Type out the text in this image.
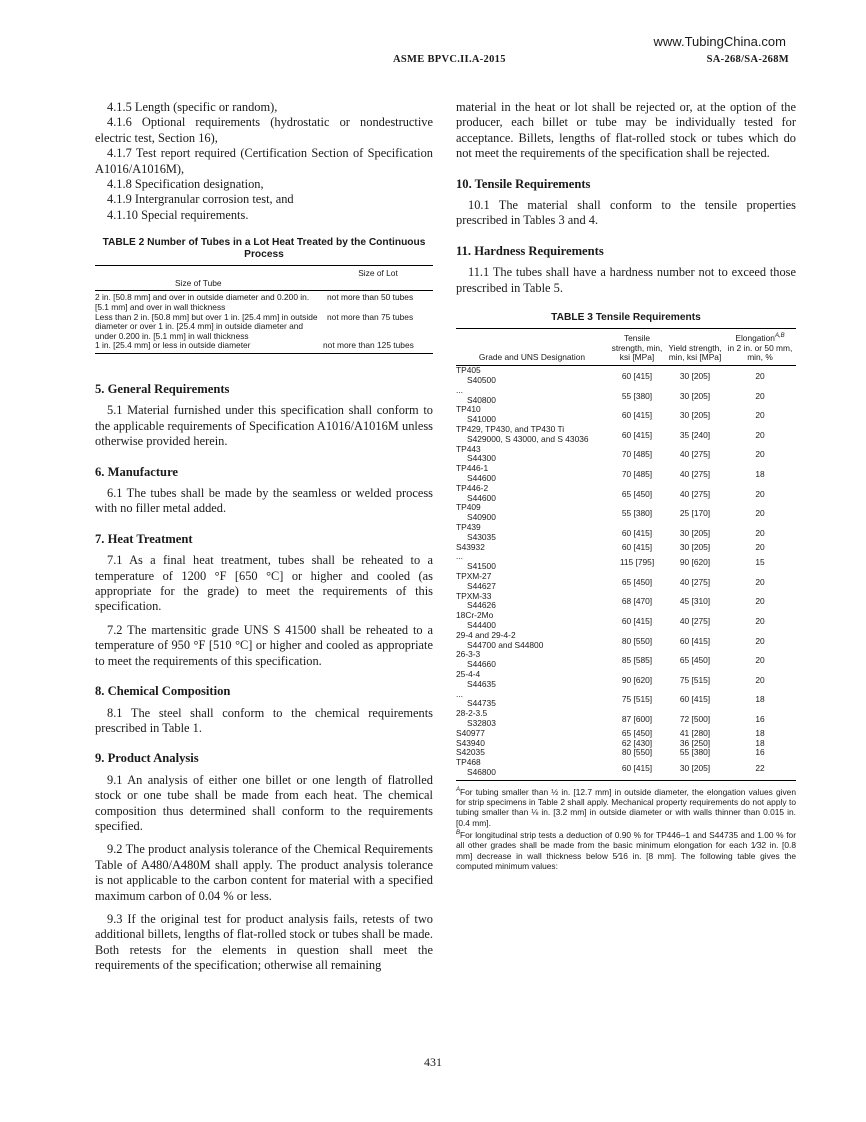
www.TubingChina.com
ASME BPVC.II.A-2015	SA-268/SA-268M

4.1.5 Length (specific or random),

4.1.6 Optional requirements (hydrostatic or nondestructive electric test, Section 16),

4.1.7 Test report required (Certification Section of Specification A1016/A1016M),

4.1.8 Specification designation,

4.1.9 Intergranular corrosion test, and

4.1.10 Special requirements.

TABLE 2 Number of Tubes in a Lot Heat Treated by the Continuous Process
	Size of Lot
Size of Tube	
2 in. [50.8 mm] and over in outside diameter and 0.200 in. [5.1 mm] and over in wall thickness	not more than 50 tubes
Less than 2 in. [50.8 mm] but over 1 in. [25.4 mm] in outside diameter or over 1 in. [25.4 mm] in outside diameter and under 0.200 in. [5.1 mm] in wall thickness	not more than 75 tubes
1 in. [25.4 mm] or less in outside diameter	not more than 125 tubes
5. General Requirements

5.1 Material furnished under this specification shall conform to the applicable requirements of Specification A1016/A1016M unless otherwise provided herein.

6. Manufacture

6.1 The tubes shall be made by the seamless or welded process with no filler metal added.

7. Heat Treatment

7.1 As a final heat treatment, tubes shall be reheated to a temperature of 1200 °F [650 °C] or higher and cooled (as appropriate for the grade) to meet the requirements of this specification.

7.2 The martensitic grade UNS S 41500 shall be reheated to a temperature of 950 °F [510 °C] or higher and cooled as appropriate to meet the requirements of this specification.

8. Chemical Composition

8.1 The steel shall conform to the chemical requirements prescribed in Table 1.

9. Product Analysis

9.1 An analysis of either one billet or one length of flatrolled stock or one tube shall be made from each heat. The chemical composition thus determined shall conform to the requirements specified.

9.2 The product analysis tolerance of the Chemical Requirements Table of A480/A480M shall apply. The product analysis tolerance is not applicable to the carbon content for material with a specified maximum carbon of 0.04 % or less.

9.3 If the original test for product analysis fails, retests of two additional billets, lengths of flat-rolled stock or tubes shall be made. Both retests for the elements in question shall meet the requirements of the specification; otherwise all remaining

material in the heat or lot shall be rejected or, at the option of the producer, each billet or tube may be individually tested for acceptance. Billets, lengths of flat-rolled stock or tubes which do not meet the requirements of the specification shall be rejected.

10. Tensile Requirements

10.1 The material shall conform to the tensile properties prescribed in Tables 3 and 4.

11. Hardness Requirements

11.1 The tubes shall have a hardness number not to exceed those prescribed in Table 5.

TABLE 3 Tensile Requirements
Grade and UNS Designation	Tensile strength, min, ksi [MPa]	Yield strength, min, ksi [MPa]	Elongation$^{A,B}$
in 2 in. or 50 mm, min, %

TP405
S40500	60 [415]	30 [205]	20

...
S40800	55 [380]	30 [205]	20

TP410
S41000	60 [415]	30 [205]	20

TP429, TP430, and TP430 Ti
S429000, S 43000, and S 43036	60 [415]	35 [240]	20

TP443
S44300	70 [485]	40 [275]	20

TP446-1
S44600	70 [485]	40 [275]	18

TP446-2
S44600	65 [450]	40 [275]	20

TP409
S40900	55 [380]	25 [170]	20

TP439
S43035	60 [415]	30 [205]	20

S43932	60 [415]	30 [205]	20

...
S41500	115 [795]	90 [620]	15

TPXM-27
S44627	65 [450]	40 [275]	20

TPXM-33
S44626	68 [470]	45 [310]	20

18Cr-2Mo
S44400	60 [415]	40 [275]	20

29-4 and 29-4-2
S44700 and S44800	80 [550]	60 [415]	20

26-3-3
S44660	85 [585]	65 [450]	20

25-4-4
S44635	90 [620]	75 [515]	20

...
S44735	75 [515]	60 [415]	18

28-2-3.5
S32803	87 [600]	72 [500]	16

S40977	65 [450]	41 [280]	18

S43940	62 [430]	36 [250]	18

S42035	80 [550]	55 [380]	16

TP468
S46800	60 [415]	30 [205]	22
$^A$For tubing smaller than ½ in. [12.7 mm] in outside diameter, the elongation values given for strip specimens in Table 2 shall apply. Mechanical property requirements do not apply to tubing smaller than ⅛ in. [3.2 mm] in outside diameter or with walls thinner than 0.015 in. [0.4 mm].
$^B$For longitudinal strip tests a deduction of 0.90 % for TP446–1 and S44735 and 1.00 % for all other grades shall be made from the basic minimum elongation for each 1⁄32 in. [0.8 mm] decrease in wall thickness below 5⁄16 in. [8 mm]. The following table gives the computed minimum values:
431
